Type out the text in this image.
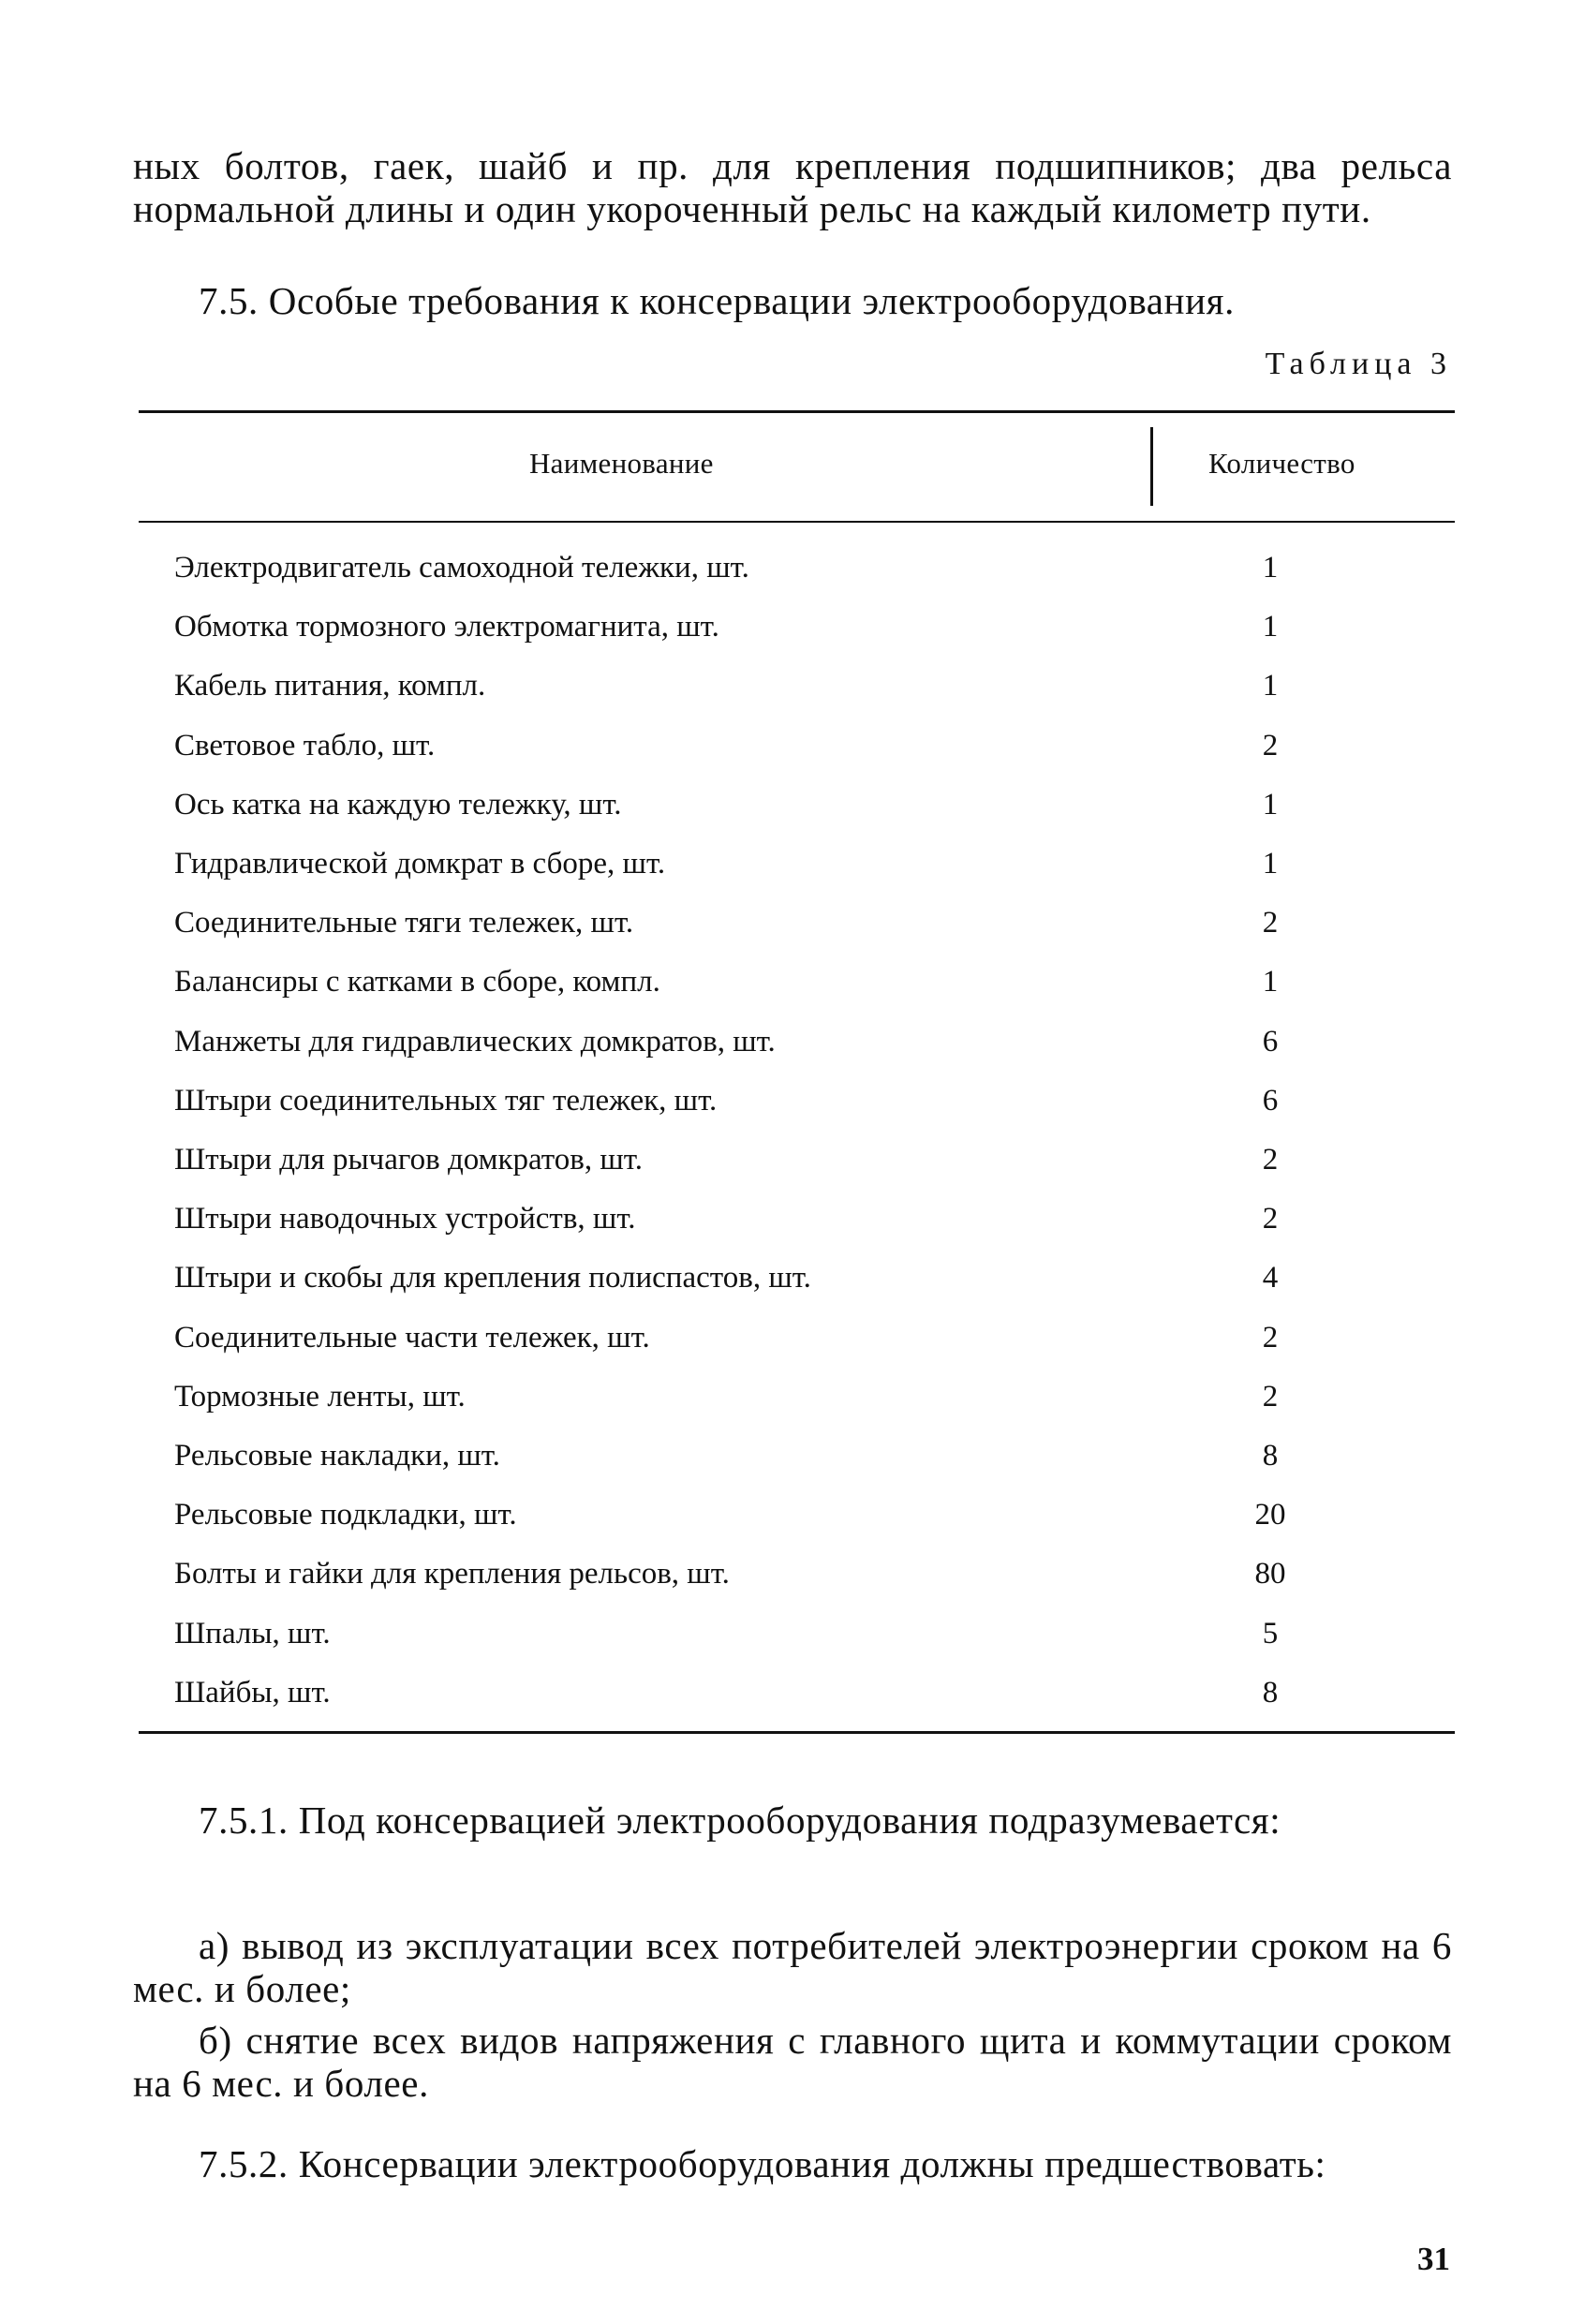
ных болтов, гаек, шайб и пр. для крепления подшипников; два рельса нормальной длины и один укороченный рельс на каждый километр пути.

7.5. Особые требования к консервации электрооборудования.

Таблица 3
Наименование	Количество
Электродвигатель самоходной тележки, шт.	1
Обмотка тормозного электромагнита, шт.	1
Кабель питания, компл.	1
Световое табло, шт.	2
Ось катка на каждую тележку, шт.	1
Гидравлической домкрат в сборе, шт.	1
Соединительные тяги тележек, шт.	2
Балансиры с катками в сборе, компл.	1
Манжеты для гидравлических домкратов, шт.	6
Штыри соединительных тяг тележек, шт.	6
Штыри для рычагов домкратов, шт.	2
Штыри наводочных устройств, шт.	2
Штыри и скобы для крепления полиспастов, шт.	4
Соединительные части тележек, шт.	2
Тормозные ленты, шт.	2
Рельсовые накладки, шт.	8
Рельсовые подкладки, шт.	20
Болты и гайки для крепления рельсов, шт.	80
Шпалы, шт.	5
Шайбы, шт.	8

7.5.1. Под консервацией электрооборудования подразумевается:

а) вывод из эксплуатации всех потребителей электроэнергии сроком на 6 мес. и более;

б) снятие всех видов напряжения с главного щита и коммутации сроком на 6 мес. и более.

7.5.2. Консервации электрооборудования должны предшествовать:

31
